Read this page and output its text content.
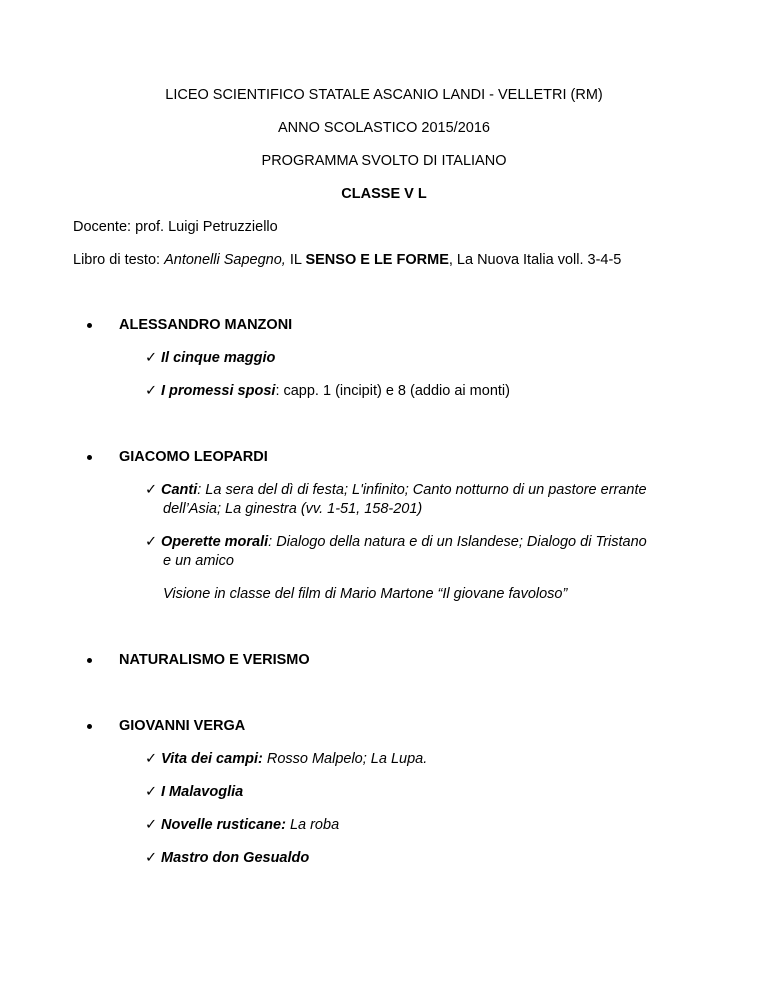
LICEO SCIENTIFICO STATALE ASCANIO LANDI - VELLETRI (RM)
ANNO SCOLASTICO 2015/2016
PROGRAMMA SVOLTO DI ITALIANO
CLASSE V L
Docente: prof. Luigi Petruzziello
Libro di testo: Antonelli Sapegno, IL SENSO E LE FORME, La Nuova Italia voll. 3-4-5
ALESSANDRO MANZONI
✓ Il cinque maggio
✓ I promessi sposi: capp. 1 (incipit) e 8 (addio ai monti)
GIACOMO LEOPARDI
✓ Canti: La sera del dì di festa; L'infinito; Canto notturno di un pastore errante
dell’Asia; La ginestra (vv. 1-51, 158-201)
✓ Operette morali: Dialogo della natura e di un Islandese; Dialogo di Tristano
e un amico
Visione in classe del film di Mario Martone “Il giovane favoloso”
NATURALISMO E VERISMO
GIOVANNI VERGA
✓ Vita dei campi: Rosso Malpelo; La Lupa.
✓ I Malavoglia
✓ Novelle rusticane: La roba
✓ Mastro don Gesualdo
